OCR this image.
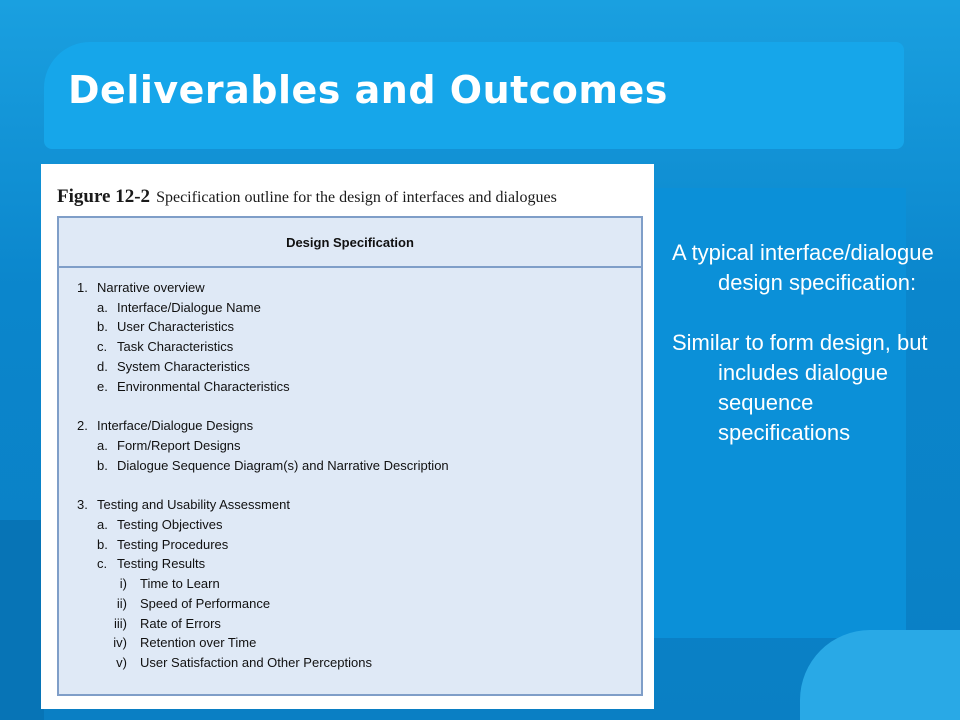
Deliverables and Outcomes
Figure 12-2 Specification outline for the design of interfaces and dialogues
Design Specification
1. Narrative overview
a. Interface/Dialogue Name
b. User Characteristics
c. Task Characteristics
d. System Characteristics
e. Environmental Characteristics
2. Interface/Dialogue Designs
a. Form/Report Designs
b. Dialogue Sequence Diagram(s) and Narrative Description
3. Testing and Usability Assessment
a. Testing Objectives
b. Testing Procedures
c. Testing Results
i) Time to Learn
ii) Speed of Performance
iii) Rate of Errors
iv) Retention over Time
v) User Satisfaction and Other Perceptions

A typical interface/dialogue design specification:

Similar to form design, but includes dialogue sequence specifications
